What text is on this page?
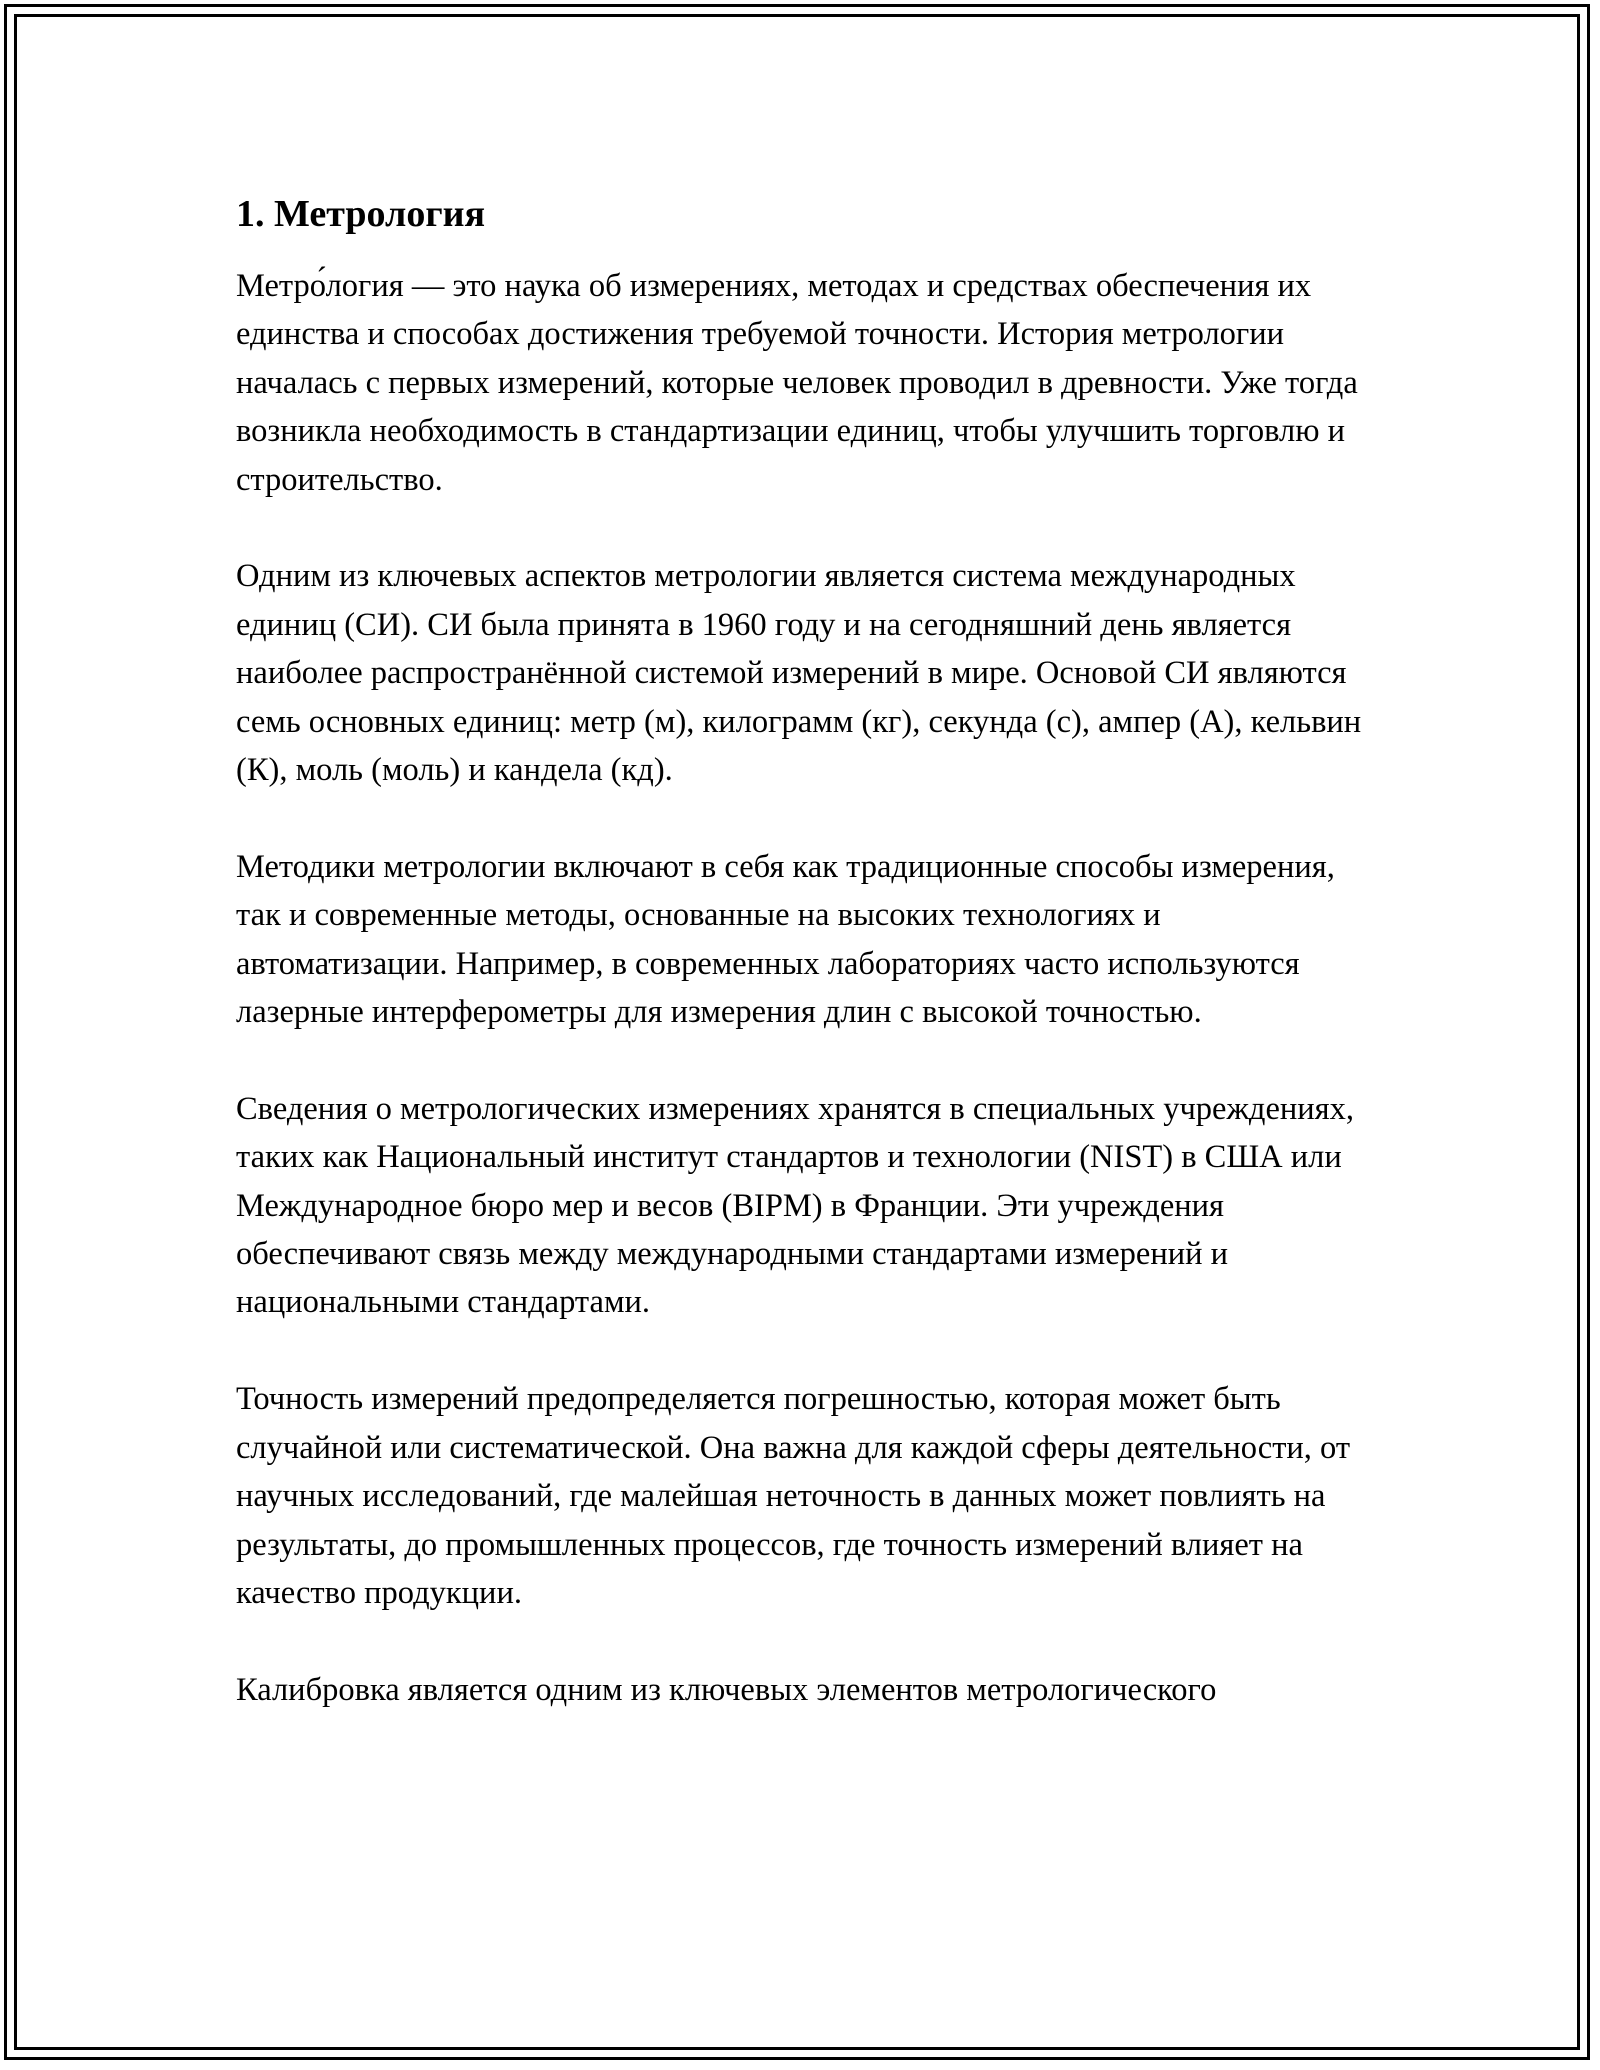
1. Метрология

Метро́логия — это наука об измерениях, методах и средствах обеспечения их единства и способах достижения требуемой точности. История метрологии началась с первых измерений, которые человек проводил в древности. Уже тогда возникла необходимость в стандартизации единиц, чтобы улучшить торговлю и строительство.

Одним из ключевых аспектов метрологии является система международных единиц (СИ). СИ была принята в 1960 году и на сегодняшний день является наиболее распространённой системой измерений в мире. Основой СИ являются семь основных единиц: метр (м), килограмм (кг), секунда (с), ампер (А), кельвин (К), моль (моль) и кандела (кд).

Методики метрологии включают в себя как традиционные способы измерения, так и современные методы, основанные на высоких технологиях и автоматизации. Например, в современных лабораториях часто используются лазерные интерферометры для измерения длин с высокой точностью.

Сведения о метрологических измерениях хранятся в специальных учреждениях, таких как Национальный институт стандартов и технологии (NIST) в США или Международное бюро мер и весов (BIPM) в Франции. Эти учреждения обеспечивают связь между международными стандартами измерений и национальными стандартами.

Точность измерений предопределяется погрешностью, которая может быть случайной или систематической. Она важна для каждой сферы деятельности, от научных исследований, где малейшая неточность в данных может повлиять на результаты, до промышленных процессов, где точность измерений влияет на качество продукции.

Калибровка является одним из ключевых элементов метрологического
